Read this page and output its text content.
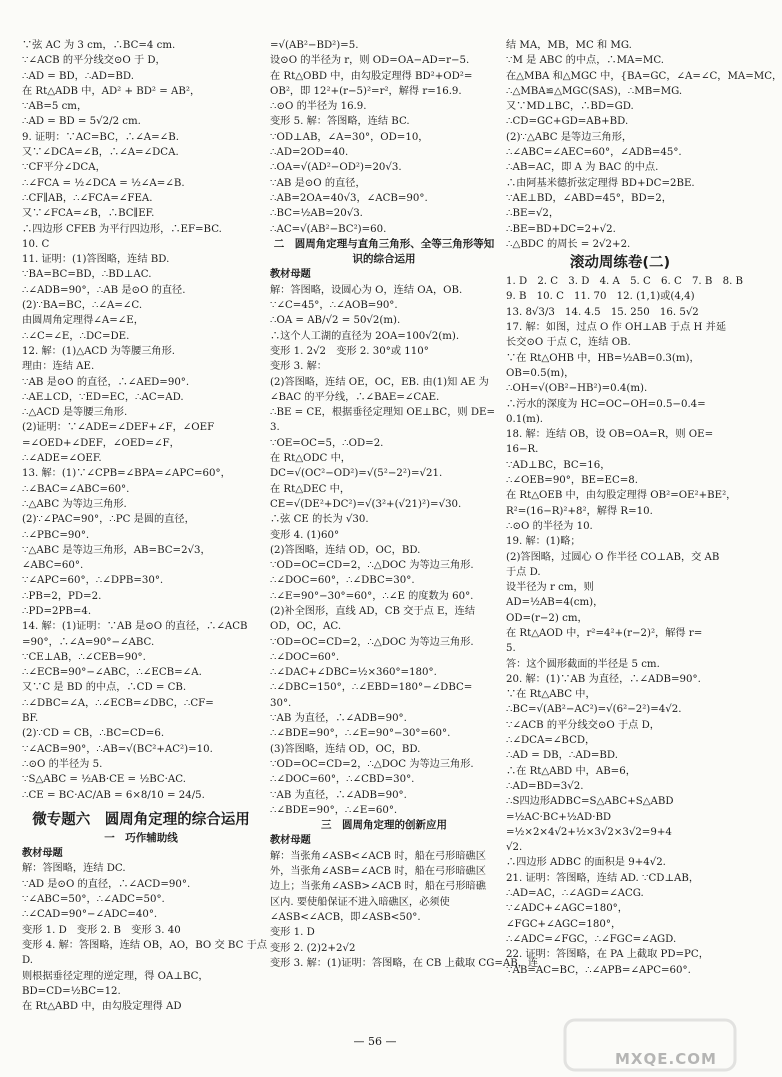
∵弦 AC 为 3 cm，∴BC=4 cm.
∵∠ACB 的平分线交⊙O 于 D，
∴AD = BD，∴AD=BD.
在 Rt△ADB 中，AD² + BD² = AB²，
∵AB=5 cm，
∴AD = BD = 5√2/2 cm.
9. 证明：∵AC=BC，∴∠A=∠B.
又∵∠DCA=∠B，∴∠A=∠DCA.
∵CF平分∠DCA，
∴∠FCA = ½∠DCA = ½∠A=∠B.
∴CF∥AB，∴∠FCA=∠FEA.
又∵∠FCA=∠B，∴BC∥EF.
∴四边形 CFEB 为平行四边形，∴EF=BC.
10. C
11. 证明：(1)答图略，连结 BD.
∵BA=BC=BD，∴BD⊥AC.
∴∠ADB=90°，∴AB 是⊙O 的直径.
(2)∵BA=BC，∴∠A=∠C.
由圆周角定理得∠A=∠E，
∴∠C=∠E，∴DC=DE.
12. 解：(1)△ACD 为等腰三角形.
理由：连结 AE.
∵AB 是⊙O 的直径，∴∠AED=90°.
∴AE⊥CD，∵ED=EC，∴AC=AD.
∴△ACD 是等腰三角形.
(2)证明：∵∠ADE=∠DEF+∠F，∠OEF
=∠OED+∠DEF，∠OED=∠F，
∴∠ADE=∠OEF.
13. 解：(1)∵∠CPB=∠BPA=∠APC=60°，
∴∠BAC=∠ABC=60°.
∴△ABC 为等边三角形.
(2)∵∠PAC=90°，∴PC 是圆的直径，
∴∠PBC=90°.
∵△ABC 是等边三角形，AB=BC=2√3，
∠ABC=60°.
∵∠APC=60°，∴∠DPB=30°.
∴PB=2，PD=2.
∴PD=2PB=4.
14. 解：(1)证明：∵AB 是⊙O 的直径，∴∠ACB
=90°，∴∠A=90°−∠ABC.
∵CE⊥AB，∴∠CEB=90°.
∴∠ECB=90°−∠ABC，∴∠ECB=∠A.
又∵C 是 BD 的中点，∴CD = CB.
∴∠DBC=∠A，∴∠ECB=∠DBC，∴CF=
BF.
(2)∵CD = CB，∴BC=CD=6.
∵∠ACB=90°，∴AB=√(BC²+AC²)=10.
∴⊙O 的半径为 5.
∵S△ABC = ½AB·CE = ½BC·AC.
∴CE = BC·AC/AB = 6×8/10 = 24/5.
微专题六　圆周角定理的综合运用
一　巧作辅助线
教材母题
解：答图略，连结 DC.
∵AD 是⊙O 的直径，∴∠ACD=90°.
∵∠ABC=50°，∴∠ADC=50°.
∴∠CAD=90°−∠ADC=40°.
变形 1. D　变形 2. B　变形 3. 40
变形 4. 解：答图略，连结 OB，AO，BO 交 BC 于点
D.
则根据垂径定理的逆定理，得 OA⊥BC，
BD=CD=½BC=12.
在 Rt△ABD 中，由勾股定理得 AD
=√(AB²−BD²)=5.
设⊙O 的半径为 r，则 OD=OA−AD=r−5.
在 Rt△OBD 中，由勾股定理得 BD²+OD²=
OB²，即 12²+(r−5)²=r²，解得 r=16.9.
∴⊙O 的半径为 16.9.
变形 5. 解：答图略，连结 BC.
∵OD⊥AB，∠A=30°，OD=10，
∴AD=2OD=40.
∴OA=√(AD²−OD²)=20√3.
∵AB 是⊙O 的直径，
∴AB=2OA=40√3，∠ACB=90°.
∴BC=½AB=20√3.
∴AC=√(AB²−BC²)=60.
二　圆周角定理与直角三角形、全等三角形等知识的综合运用
教材母题
解：答图略，设圆心为 O，连结 OA，OB.
∵∠C=45°，∴∠AOB=90°.
∴OA = AB/√2 = 50√2(m).
∴这个人工湖的直径为 2OA=100√2(m).
变形 1. 2√2　变形 2. 30°或 110°
变形 3. 解：
(2)答图略，连结 OE，OC，EB. 由(1)知 AE 为
∠BAC 的平分线，∴∠BAE=∠CAE.
∴BE = CE，根据垂径定理知 OE⊥BC，则 DE=
3.
∵OE=OC=5，∴OD=2.
在 Rt△ODC 中，
DC=√(OC²−OD²)=√(5²−2²)=√21.
在 Rt△DEC 中，
CE=√(DE²+DC²)=√(3²+(√21)²)=√30.
∴弦 CE 的长为 √30.
变形 4. (1)60°
(2)答图略，连结 OD，OC，BD.
∵OD=OC=CD=2，∴△DOC 为等边三角形.
∴∠DOC=60°，∴∠DBC=30°.
∴∠E=90°−30°=60°，∴∠E 的度数为 60°.
(2)补全图形，直线 AD，CB 交于点 E，连结
OD，OC，AC.
∵OD=OC=CD=2，∴△DOC 为等边三角形.
∴∠DOC=60°.
∴∠DAC+∠DBC=½×360°=180°.
∴∠DBC=150°，∴∠EBD=180°−∠DBC=
30°.
∵AB 为直径，∴∠ADB=90°.
∴∠BDE=90°，∴∠E=90°−30°=60°.
(3)答图略，连结 OD，OC，BD.
∵OD=OC=CD=2，∴△DOC 为等边三角形.
∴∠DOC=60°，∴∠CBD=30°.
∵AB 为直径，∴∠ADB=90°.
∴∠BDE=90°，∴∠E=60°.
三　圆周角定理的创新应用
教材母题
解：当张角∠ASB<∠ACB 时，船在弓形暗礁区
外，当张角∠ASB=∠ACB 时，船在弓形暗礁区
边上；当张角∠ASB>∠ACB 时，船在弓形暗礁
区内. 要使船保证不进入暗礁区，必须使
∠ASB<∠ACB，即∠ASB<50°.
变形 1. D
变形 2. (2)2+2√2
变形 3. 解：(1)证明：答图略，在 CB 上截取 CG=AB，连
结 MA，MB，MC 和 MG.
∵M 是 ABC 的中点，∴MA=MC.
在△MBA 和△MGC 中，{BA=GC，∠A=∠C，MA=MC，
∴△MBA≌△MGC(SAS)，∴MB=MG.
又∵MD⊥BC，∴BD=GD.
∴CD=GC+GD=AB+BD.
(2)∵△ABC 是等边三角形，
∴∠ABC=∠AEC=60°，∠ADB=45°.
∴AB=AC，即 A 为 BAC 的中点.
∴由阿基米德折弦定理得 BD+DC=2BE.
∵AE⊥BD，∠ABD=45°，BD=2，
∴BE=√2，
∴BE=BD+DC=2+√2.
∴△BDC 的周长 = 2√2+2.
滚动周练卷(二)
1. D　2. C　3. D　4. A　5. C　6. C　7. B　8. B
9. B　10. C　11. 70　12. (1,1)或(4,4)
13. 8√3/3　14. 4.5　15. 250　16. 5√2
17. 解：如图，过点 O 作 OH⊥AB 于点 H 并延
长交⊙O 于点 C，连结 OB.
∵在 Rt△OHB 中，HB=½AB=0.3(m)，
OB=0.5(m)，
∴OH=√(OB²−HB²)=0.4(m).
∴污水的深度为 HC=OC−OH=0.5−0.4=
0.1(m).
18. 解：连结 OB，设 OB=OA=R，则 OE=
16−R.
∵AD⊥BC，BC=16，
∴∠OEB=90°，BE=EC=8.
在 Rt△OEB 中，由勾股定理得 OB²=OE²+BE²，
R²=(16−R)²+8²，解得 R=10.
∴⊙O 的半径为 10.
19. 解：(1)略；
(2)答图略，过圆心 O 作半径 CO⊥AB，交 AB
于点 D.
设半径为 r cm，则
AD=½AB=4(cm)，
OD=(r−2) cm，
在 Rt△AOD 中，r²=4²+(r−2)²，解得 r=
5.
答：这个圆形截面的半径是 5 cm.
20. 解：(1)∵AB 为直径，∴∠ADB=90°.
∵在 Rt△ABC 中，
∴BC=√(AB²−AC²)=√(6²−2²)=4√2.
∵∠ACB 的平分线交⊙O 于点 D，
∴∠DCA=∠BCD，
∴AD = DB，∴AD=BD.
∴在 Rt△ABD 中，AB=6，
∴AD=BD=3√2.
∴S四边形ADBC=S△ABC+S△ABD
=½AC·BC+½AD·BD
=½×2×4√2+½×3√2×3√2=9+4
√2.
∴四边形 ADBC 的面积是 9+4√2.
21. 证明：答图略，连结 AD. ∵CD⊥AB，
∴AD=AC，∴∠AGD=∠ACG.
∵∠ADC+∠AGC=180°，
∠FGC+∠AGC=180°，
∴∠ADC=∠FGC，∴∠FGC=∠AGD.
22. 证明：答图略，在 PA 上截取 PD=PC，
∵AB=AC=BC，∴∠APB=∠APC=60°.
— 56 —
MXQE.COM
